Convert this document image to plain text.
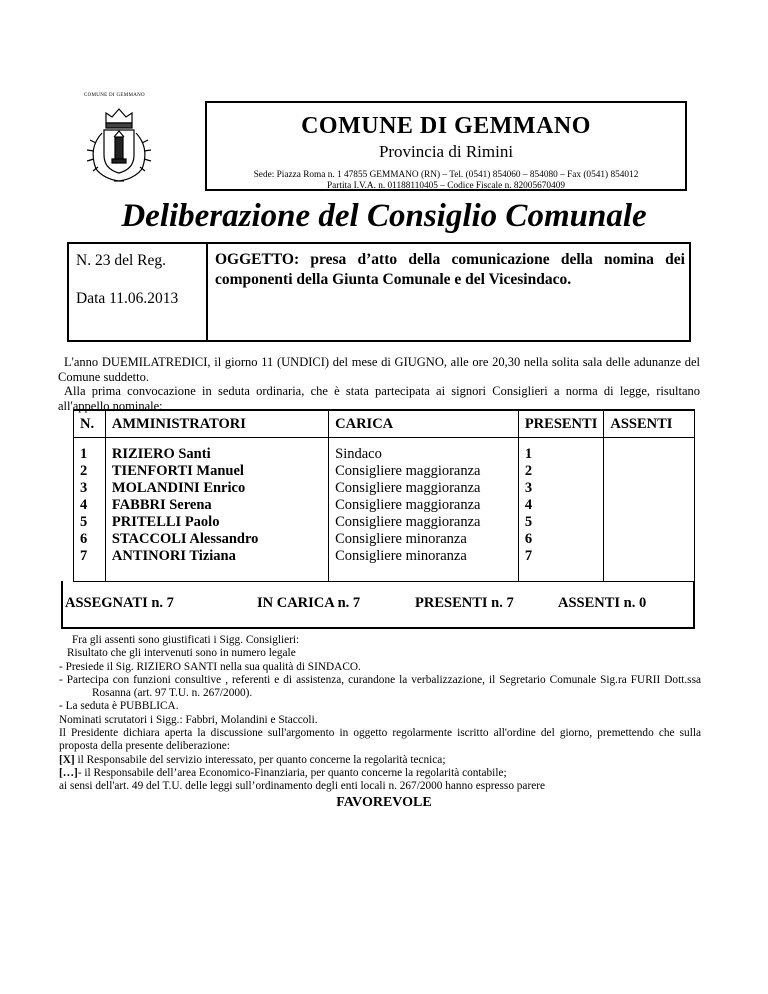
COMUNE DI GEMMANO
COMUNE DI GEMMANO
Provincia di Rimini
Sede: Piazza Roma n. 1 47855 GEMMANO (RN) – Tel. (0541) 854060 – 854080 – Fax (0541) 854012
Partita I.V.A. n. 01188110405 – Codice Fiscale n. 82005670409
Deliberazione del Consiglio Comunale
N. 23 del Reg.
Data 11.06.2013
OGGETTO: presa d’atto della comunicazione della nomina dei componenti della Giunta Comunale e del Vicesindaco.
L'anno DUEMILATREDICI, il giorno 11 (UNDICI) del mese di GIUGNO, alle ore 20,30 nella solita sala delle adunanze del Comune suddetto.
Alla prima convocazione in seduta ordinaria, che è stata partecipata ai signori Consiglieri a norma di legge, risultano all'appello nominale:
N.	AMMINISTRATORI	CARICA	PRESENTI	ASSENTI
1	RIZIERO Santi	Sindaco	1	
2	TIENFORTI Manuel	Consigliere maggioranza	2	
3	MOLANDINI Enrico	Consigliere maggioranza	3	
4	FABBRI Serena	Consigliere maggioranza	4	
5	PRITELLI Paolo	Consigliere maggioranza	5	
6	STACCOLI Alessandro	Consigliere minoranza	6	
7	ANTINORI Tiziana	Consigliere minoranza	7	

ASSEGNATI n. 7	IN CARICA n. 7	PRESENTI n. 7	ASSENTI n. 0
Fra gli assenti sono giustificati i Sigg. Consiglieri:
Risultato che gli intervenuti sono in numero legale
- Presiede il Sig. RIZIERO SANTI nella sua qualità di SINDACO.
- Partecipa con funzioni consultive , referenti e di assistenza, curandone la verbalizzazione, il Segretario Comunale Sig.ra FURII Dott.ssa Rosanna (art. 97 T.U. n. 267/2000).
- La seduta è PUBBLICA.
Nominati scrutatori i Sigg.: Fabbri, Molandini e Staccoli.
Il Presidente dichiara aperta la discussione sull'argomento in oggetto regolarmente iscritto all'ordine del giorno, premettendo che sulla proposta della presente deliberazione:
[X] il Responsabile del servizio interessato, per quanto concerne la regolarità tecnica;
[…]- il Responsabile dell’area Economico-Finanziaria, per quanto concerne la regolarità contabile;
ai sensi dell'art. 49 del T.U. delle leggi sull’ordinamento degli enti locali n. 267/2000 hanno espresso parere
FAVOREVOLE
